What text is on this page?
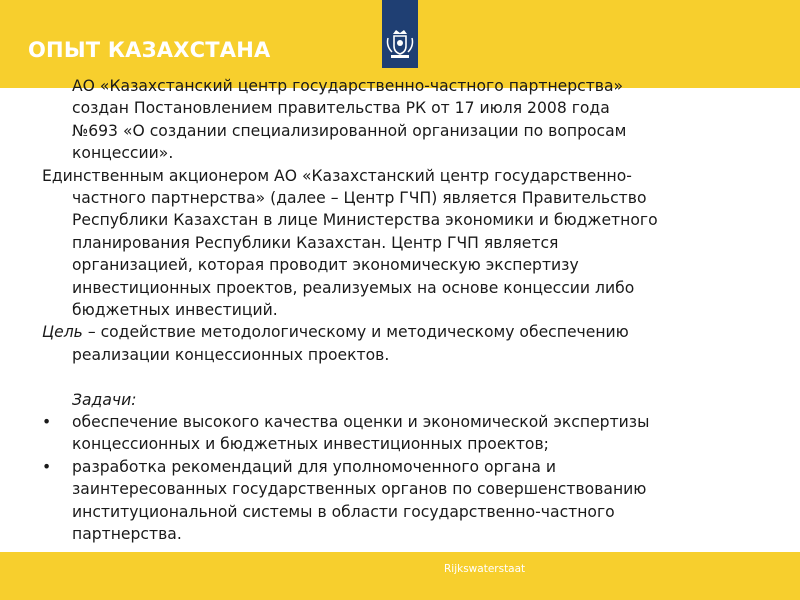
ОПЫТ КАЗАХСТАНА
АО «Казахстанский центр государственно-частного партнерства»
создан Постановлением правительства РК от 17 июля 2008 года
№693 «О создании специализированной организации по вопросам
концессии».
Единственным акционером АО «Казахстанский центр государственно-
частного партнерства» (далее – Центр ГЧП) является Правительство
Республики Казахстан в лице Министерства экономики и бюджетного
планирования Республики Казахстан. Центр ГЧП является
организацией, которая проводит экономическую экспертизу
инвестиционных проектов, реализуемых на основе концессии либо
бюджетных инвестиций.
Цель – содействие методологическому и методическому обеспечению
реализации концессионных проектов.
Задачи:
•	обеспечение высокого качества оценки и экономической экспертизы
концессионных и бюджетных инвестиционных проектов;
•	разработка рекомендаций для уполномоченного органа и
заинтересованных государственных органов по совершенствованию
институциональной системы в области государственно-частного
партнерства.
Rijkswaterstaat
